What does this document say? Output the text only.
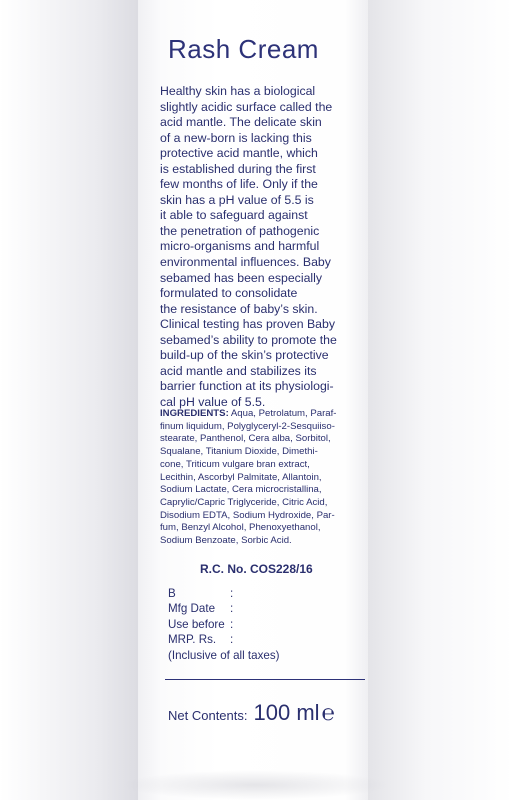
Rash Cream
Healthy skin has a biological
slightly acidic surface called the
acid mantle. The delicate skin
of a new-born is lacking this
protective acid mantle, which
is established during the first
few months of life. Only if the
skin has a pH value of 5.5 is
it able to safeguard against
the penetration of pathogenic
micro-organisms and harmful
environmental influences. Baby
sebamed has been especially
formulated to consolidate
the resistance of baby’s skin.
Clinical testing has proven Baby
sebamed’s ability to promote the
build-up of the skin’s protective
acid mantle and stabilizes its
barrier function at its physiologi-
cal pH value of 5.5.
INGREDIENTS: Aqua, Petrolatum, Paraf-
finum liquidum, Polyglyceryl-2-Sesquiiso-
stearate, Panthenol, Cera alba, Sorbitol,
Squalane, Titanium Dioxide, Dimethi-
cone, Triticum vulgare bran extract,
Lecithin, Ascorbyl Palmitate, Allantoin,
Sodium Lactate, Cera microcristallina,
Caprylic/Capric Triglyceride, Citric Acid,
Disodium EDTA, Sodium Hydroxide, Par-
fum, Benzyl Alcohol, Phenoxyethanol,
Sodium Benzoate, Sorbic Acid.
R.C. No. COS228/16
B	:
Mfg Date :
Use before :
MRP. Rs. :
(Inclusive of all taxes)
Net Contents: 100 ml℮
